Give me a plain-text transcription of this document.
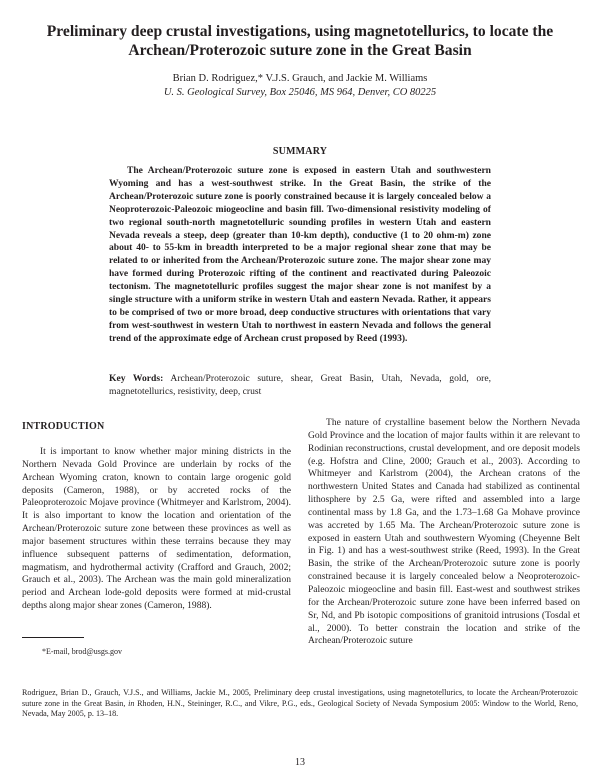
Preliminary deep crustal investigations, using magnetotellurics, to locate the Archean/Proterozoic suture zone in the Great Basin
Brian D. Rodriguez,* V.J.S. Grauch, and Jackie M. Williams
U. S. Geological Survey, Box 25046, MS 964, Denver, CO 80225
SUMMARY

The Archean/Proterozoic suture zone is exposed in eastern Utah and southwestern Wyoming and has a west-southwest strike. In the Great Basin, the strike of the Archean/Proterozoic suture zone is poorly constrained because it is largely concealed below a Neoproterozoic-Paleozoic miogeocline and basin fill. Two-dimensional resistivity modeling of two regional south-north magnetotelluric sounding profiles in western Utah and eastern Nevada reveals a steep, deep (greater than 10-km depth), conductive (1 to 20 ohm-m) zone about 40- to 55-km in breadth interpreted to be a major regional shear zone that may be related to or inherited from the Archean/Proterozoic suture zone. The major shear zone may have formed during Proterozoic rifting of the continent and reactivated during Paleozoic tectonism. The magnetotelluric profiles suggest the major shear zone is not manifest by a single structure with a uniform strike in western Utah and eastern Nevada. Rather, it appears to be comprised of two or more broad, deep conductive structures with orientations that vary from west-southwest in western Utah to northwest in eastern Nevada and follows the general trend of the approximate edge of Archean crust proposed by Reed (1993).

Key Words: Archean/Proterozoic suture, shear, Great Basin, Utah, Nevada, gold, ore, magnetotellurics, resistivity, deep, crust

INTRODUCTION

It is important to know whether major mining districts in the Northern Nevada Gold Province are underlain by rocks of the Archean Wyoming craton, known to contain large orogenic gold deposits (Cameron, 1988), or by accreted rocks of the Paleoproterozoic Mojave province (Whitmeyer and Karlstrom, 2004). It is also important to know the location and orientation of the Archean/Proterozoic suture zone between these provinces as well as major basement structures within these terrains because they may influence subsequent patterns of sedimentation, deformation, magmatism, and hydrothermal activity (Crafford and Grauch, 2002; Grauch et al., 2003). The Archean was the main gold mineralization period and Archean lode-gold deposits were formed at mid-crustal depths along major shear zones (Cameron, 1988).

The nature of crystalline basement below the Northern Nevada Gold Province and the location of major faults within it are relevant to Rodinian reconstructions, crustal development, and ore deposit models (e.g. Hofstra and Cline, 2000; Grauch et al., 2003). According to Whitmeyer and Karlstrom (2004), the Archean cratons of the northwestern United States and Canada had stabilized as continental lithosphere by 2.5 Ga, were rifted and assembled into a large continental mass by 1.8 Ga, and the 1.73–1.68 Ga Mohave province was accreted by 1.65 Ma. The Archean/Proterozoic suture zone is exposed in eastern Utah and southwestern Wyoming (Cheyenne Belt in Fig. 1) and has a west-southwest strike (Reed, 1993). In the Great Basin, the strike of the Archean/Proterozoic suture zone is poorly constrained because it is largely concealed below a Neoproterozoic-Paleozoic miogeocline and basin fill. East-west and southwest strikes for the Archean/Proterozoic suture zone have been inferred based on Sr, Nd, and Pb isotopic compositions of granitoid intrusions (Tosdal et al., 2000). To better constrain the location and strike of the Archean/Proterozoic suture

*E-mail, brod@usgs.gov

Rodriguez, Brian D., Grauch, V.J.S., and Williams, Jackie M., 2005, Preliminary deep crustal investigations, using magnetotellurics, to locate the Archean/Proterozoic suture zone in the Great Basin, in Rhoden, H.N., Steininger, R.C., and Vikre, P.G., eds., Geological Society of Nevada Symposium 2005: Window to the World, Reno, Nevada, May 2005, p. 13–18.

13
